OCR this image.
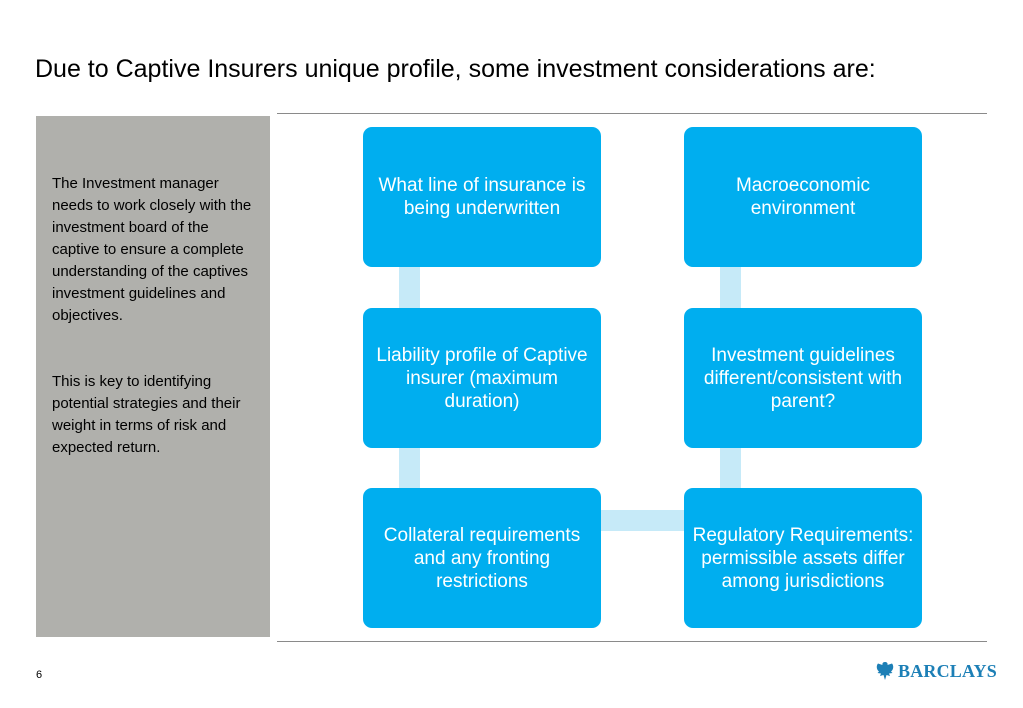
Due to Captive Insurers unique profile, some investment considerations are:

The Investment manager needs to work closely with the investment board of the captive to ensure a complete understanding of the captives investment guidelines and objectives.

This is key to identifying potential strategies and their weight in terms of risk and expected return.

What line of insurance is being underwritten
Macroeconomic environment
Liability profile of Captive insurer (maximum duration)
Investment guidelines different/consistent with parent?
Collateral requirements and any fronting restrictions
Regulatory Requirements: permissible assets differ among jurisdictions
6	BARCLAYS
